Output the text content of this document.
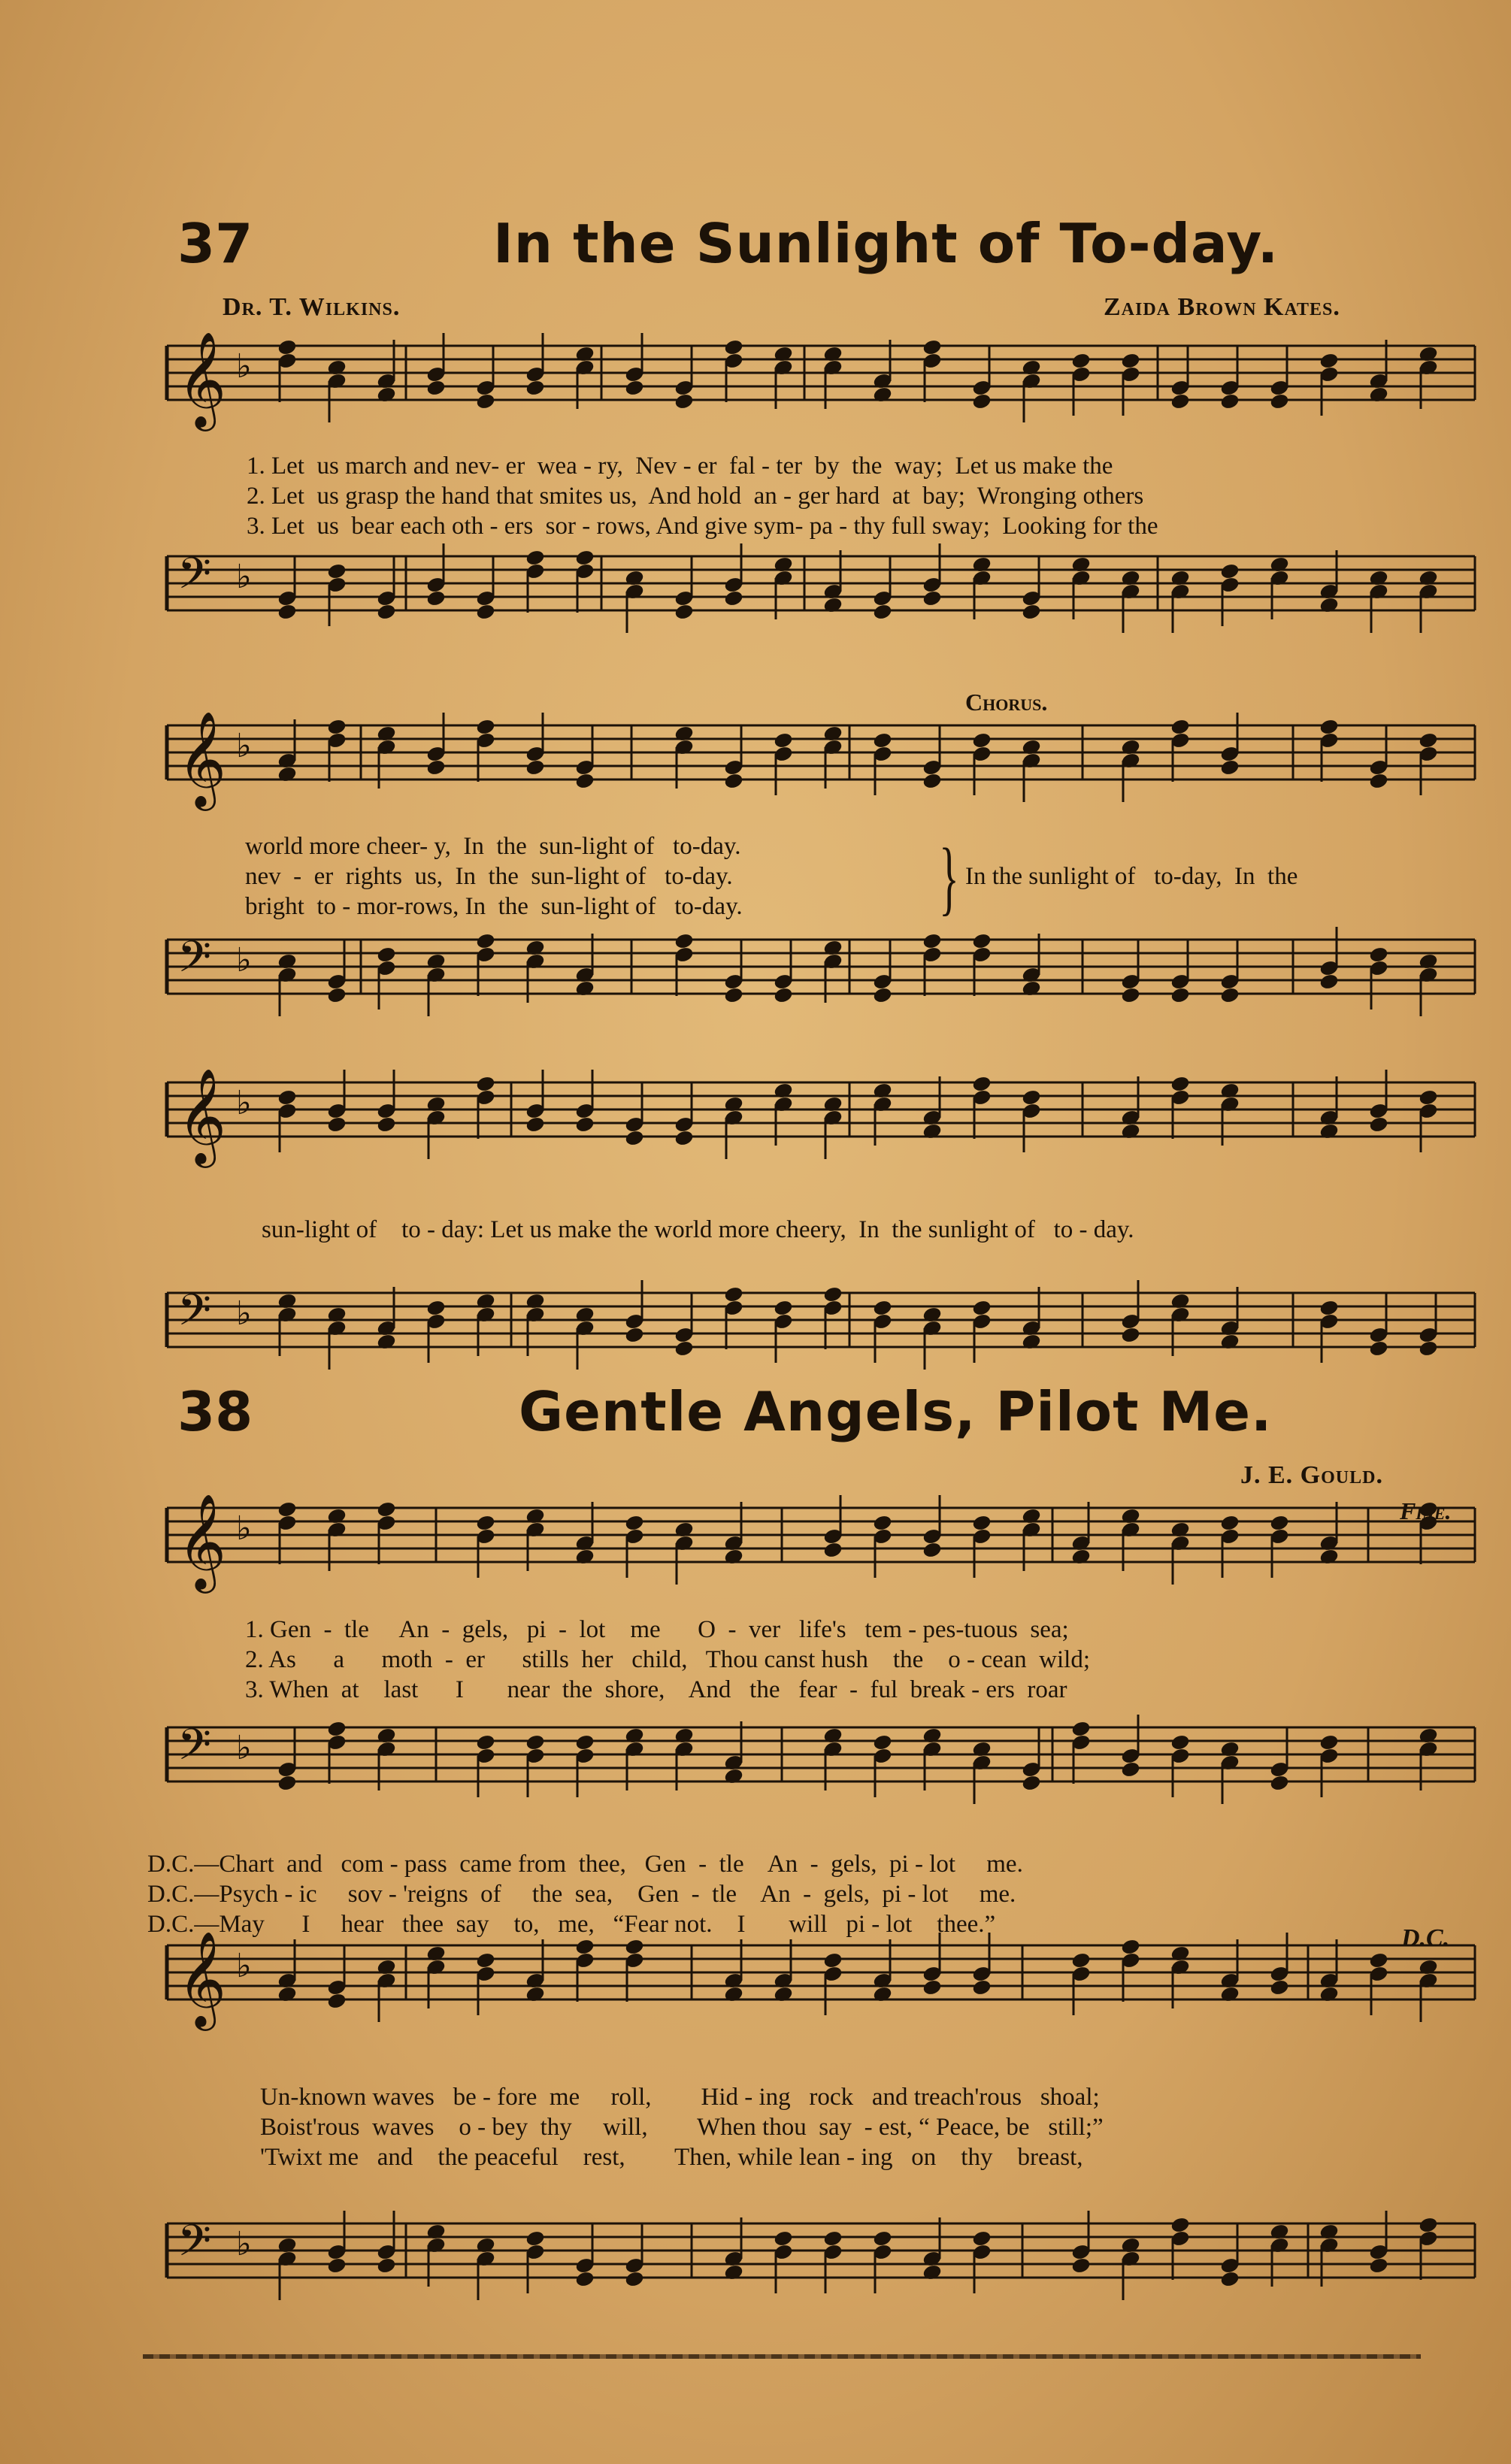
37	In the Sunlight of To-day.
Dr. T. Wilkins.	Zaida Brown Kates.
𝄞 ♭
𝄢 ♭
𝄞 ♭
𝄢 ♭
𝄞 ♭
𝄢 ♭
𝄞 ♭
𝄢 ♭
𝄞 ♭
𝄢 ♭
1. Let  us march and nev- er  wea - ry,  Nev - er  fal - ter  by  the  way;  Let us make the
2. Let  us grasp the hand that smites us,  And hold  an - ger hard  at  bay;  Wronging others
3. Let  us  bear each oth - ers  sor - rows, And give sym- pa - thy full sway;  Looking for the
Chorus.
world more cheer- y,  In  the  sun-light of   to-day.
nev  -  er  rights  us,  In  the  sun-light of   to-day.
bright  to - mor-rows, In  the  sun-light of   to-day. } In the sunlight of   to-day,  In  the
sun-light of    to - day: Let us make the world more cheery,  In  the sunlight of   to - day.
38	Gentle Angels, Pilot Me.
J. E. Gould.
Fine.
1. Gen  -  tle     An  -  gels,   pi  -  lot    me      O  -  ver   life's   tem - pes-tuous  sea;
2. As      a      moth  -  er      stills  her   child,   Thou canst hush    the    o - cean  wild;
3. When  at    last      I       near  the  shore,    And   the   fear  -  ful  break - ers  roar
D.C.—Chart  and   com - pass  came from  thee,   Gen  -  tle    An  -  gels,  pi - lot     me.
D.C.—Psych - ic     sov - 'reigns  of     the  sea,    Gen  -  tle    An  -  gels,  pi - lot     me.
D.C.—May      I     hear   thee  say    to,   me,   “Fear not.    I       will   pi - lot    thee.”	D.C.
Un-known waves   be - fore  me     roll,        Hid - ing   rock   and treach'rous   shoal;
Boist'rous  waves    o - bey  thy     will,        When thou  say  - est, “ Peace, be   still;”
'Twixt me   and    the peaceful    rest,        Then, while lean - ing   on    thy    breast,
